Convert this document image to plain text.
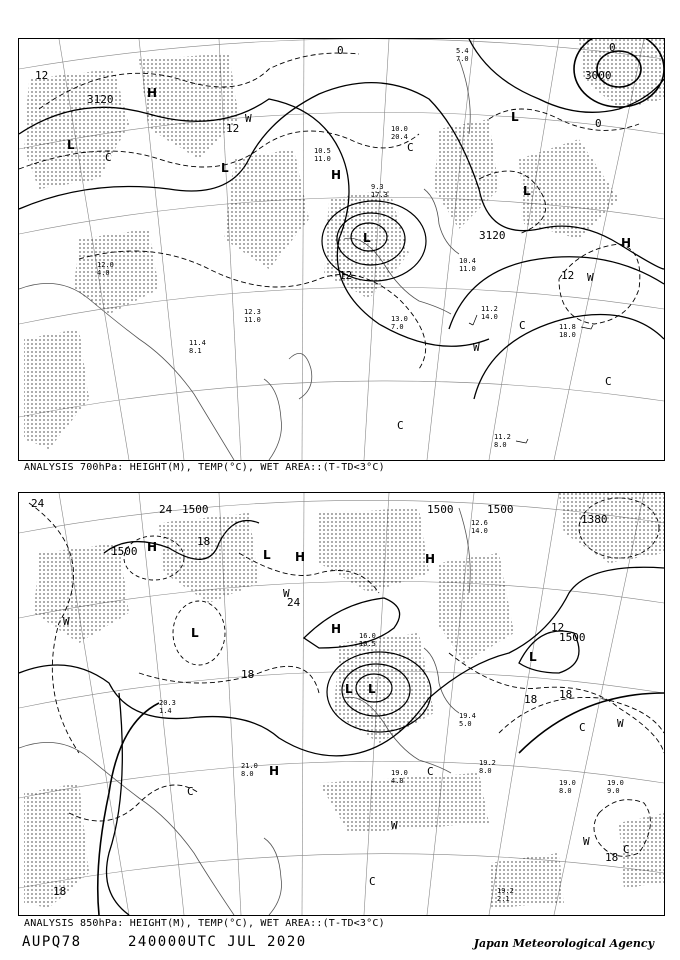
3120
3120
3000
12
12
12
0
0
0
12
H
H
H
L
L
L
L
L
W
W
W
C
C
C
C
C
11.2
14.0
11.8
18.0
11.2
8.0
10.5
11.0
9.3
17.3
13.0
7.0
10.4
11.0
12.3
11.0
11.4
8.1
12.0
4.0
10.0
20.4
5.4
7.0
ANALYSIS 700hPa: HEIGHT(M), TEMP(°C), WET AREA::(T-TD<3°C)
1500
1500	1500
1500
1380
1500
24	24
18
18
12
18 18
18
18
24
H
H	H
H
H
L
L
L
L
L
W
W
W
W
W
C
C
C
C
C
19.2
8.0
19.0
8.0
19.0
9.0
19.2
2.1
19.4
5.0
12.6
14.0
19.0
4.0
20.3
1.4
21.0
8.0
16.0
10.5
ANALYSIS 850hPa: HEIGHT(M), TEMP(°C), WET AREA::(T-TD<3°C)
AUPQ78	240000UTC JUL 2020	Japan Meteorological Agency
